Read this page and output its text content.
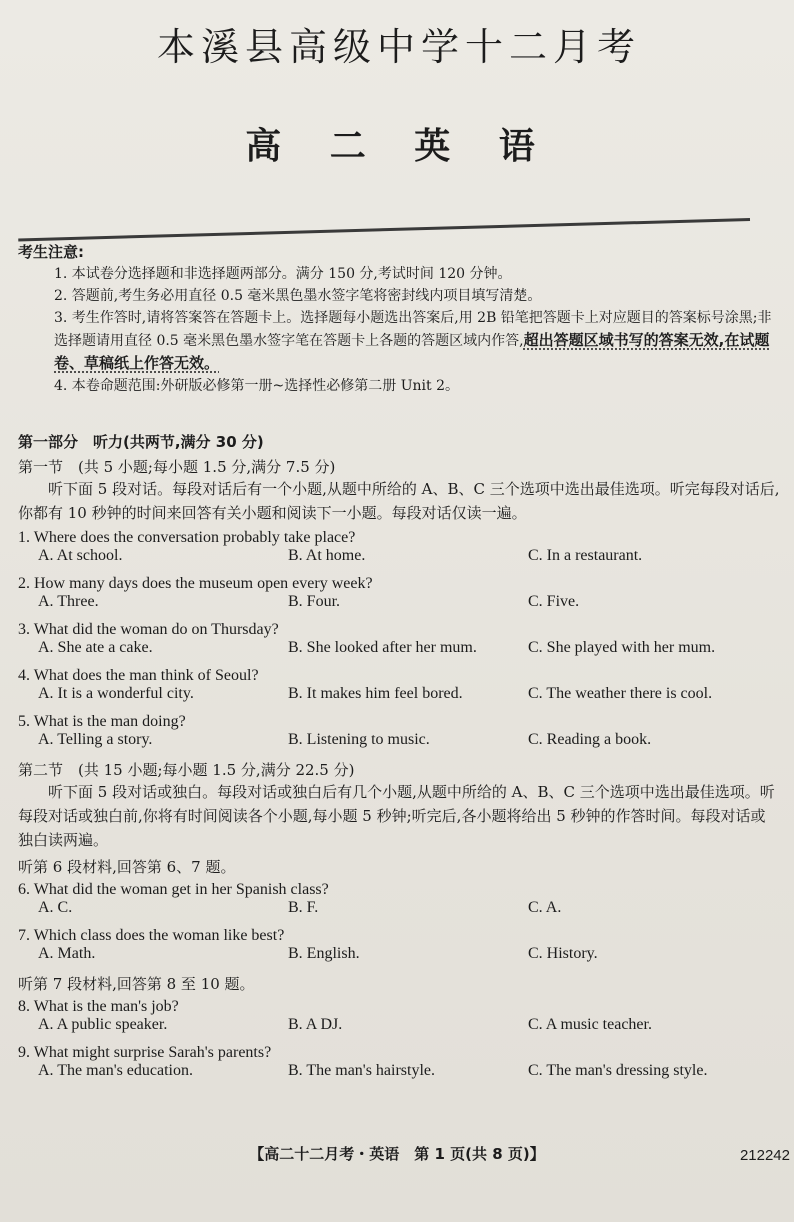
本溪县高级中学十二月考
高 二 英 语
考生注意:
1. 本试卷分选择题和非选择题两部分。满分 150 分,考试时间 120 分钟。
2. 答题前,考生务必用直径 0.5 毫米黑色墨水签字笔将密封线内项目填写清楚。
3. 考生作答时,请将答案答在答题卡上。选择题每小题选出答案后,用 2B 铅笔把答题卡上对应题目的答案标号涂黑;非选择题请用直径 0.5 毫米黑色墨水签字笔在答题卡上各题的答题区域内作答,超出答题区域书写的答案无效,在试题卷、草稿纸上作答无效。
4. 本卷命题范围:外研版必修第一册~选择性必修第二册 Unit 2。
第一部分　听力(共两节,满分 30 分)
第一节　(共 5 小题;每小题 1.5 分,满分 7.5 分)

听下面 5 段对话。每段对话后有一个小题,从题中所给的 A、B、C 三个选项中选出最佳选项。听完每段对话后,你都有 10 秒钟的时间来回答有关小题和阅读下一小题。每段对话仅读一遍。

1. Where does the conversation probably take place?
A. At school.	B. At home.	C. In a restaurant.
2. How many days does the museum open every week?
A. Three.	B. Four.	C. Five.
3. What did the woman do on Thursday?
A. She ate a cake.	B. She looked after her mum.	C. She played with her mum.
4. What does the man think of Seoul?
A. It is a wonderful city.	B. It makes him feel bored.	C. The weather there is cool.
5. What is the man doing?
A. Telling a story.	B. Listening to music.	C. Reading a book.
第二节　(共 15 小题;每小题 1.5 分,满分 22.5 分)

听下面 5 段对话或独白。每段对话或独白后有几个小题,从题中所给的 A、B、C 三个选项中选出最佳选项。听每段对话或独白前,你将有时间阅读各个小题,每小题 5 秒钟;听完后,各小题将给出 5 秒钟的作答时间。每段对话或独白读两遍。

听第 6 段材料,回答第 6、7 题。
6. What did the woman get in her Spanish class?
A. C.	B. F.	C. A.
7. Which class does the woman like best?
A. Math.	B. English.	C. History.
听第 7 段材料,回答第 8 至 10 题。
8. What is the man's job?
A. A public speaker.	B. A DJ.	C. A music teacher.
9. What might surprise Sarah's parents?
A. The man's education.	B. The man's hairstyle.	C. The man's dressing style.
【高二十二月考・英语　第 1 页(共 8 页)】	212242
